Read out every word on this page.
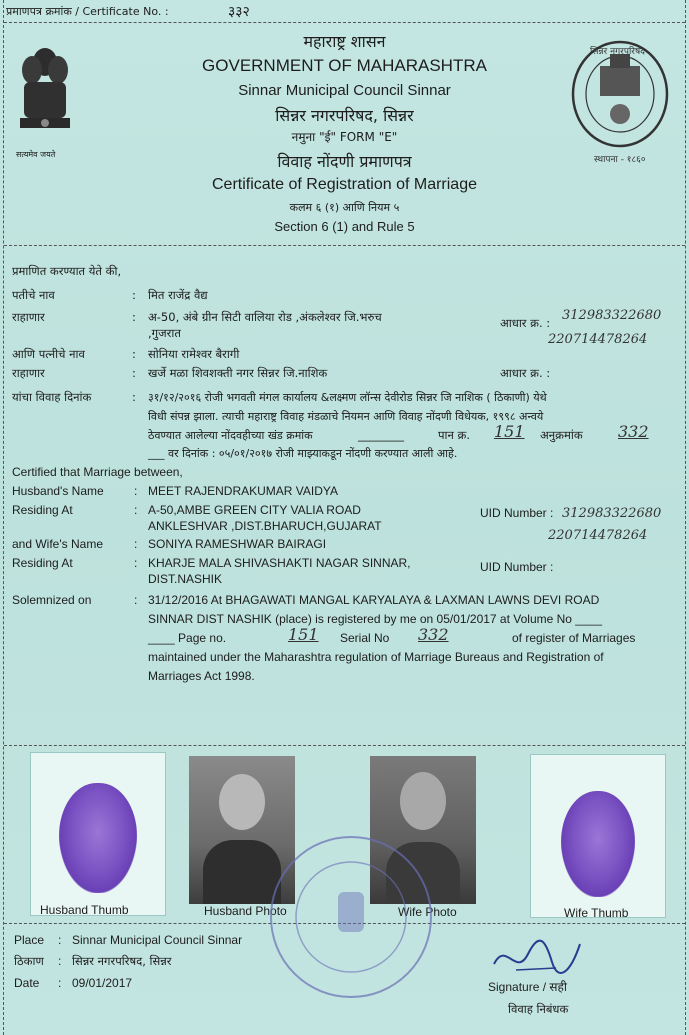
प्रमाणपत्र क्रमांक / Certificate No. :	३३२
सत्यमेव जयते
सिन्नर नगरपरिषद
स्थापना - १८६०
महाराष्ट्र शासन
GOVERNMENT OF MAHARASHTRA
Sinnar Municipal Council Sinnar
सिन्नर नगरपरिषद, सिन्नर
नमुना "ई" FORM "E"
विवाह नोंदणी प्रमाणपत्र
Certificate of Registration of Marriage
कलम ६ (१) आणि नियम ५
Section 6 (1) and Rule 5
प्रमाणित करण्यात येते की,
पतीचे नाव	: मित राजेंद्र वैद्य
राहाणार	: अ-50, अंबे ग्रीन सिटी वालिया रोड ,अंकलेश्वर जि.भरुच
,गुजरात
आधार क्र. : 312983322680
220714478264
आणि पत्नीचे नाव	: सोनिया रामेश्वर बैरागी
राहाणार	: खर्जे मळा शिवशक्ती नगर सिन्नर जि.नाशिक	आधार क्र. :
यांचा विवाह दिनांक	: ३१/१२/२०१६ रोजी भगवती मंगल कार्यालय &लक्ष्मण लॉन्स देवीरोड सिन्नर जि नाशिक ( ठिकाणी) येथे
विधी संपन्न झाला. त्याची महाराष्ट्र विवाह मंडळाचे नियमन आणि विवाह नोंदणी विधेयक, १९९८ अन्वये
ठेवण्यात आलेल्या नोंदवहीच्या खंड क्रमांक	________	पान क्र. 151 अनुक्रमांक 332
___ वर दिनांक : ०५/०१/२०१७ रोजी माझ्याकडून नोंदणी करण्यात आली आहे.
Certified that Marriage between,
Husband's Name	: MEET RAJENDRAKUMAR VAIDYA
Residing At	: A-50,AMBE GREEN CITY VALIA ROAD
ANKLESHVAR ,DIST.BHARUCH,GUJARAT
UID Number : 312983322680
220714478264
and Wife's Name	: SONIYA RAMESHWAR BAIRAGI
Residing At	: KHARJE MALA SHIVASHAKTI NAGAR SINNAR,
DIST.NASHIK
UID Number :
Solemnized on	: 31/12/2016 At BHAGAWATI MANGAL KARYALAYA & LAXMAN LAWNS DEVI ROAD
SINNAR DIST NASHIK (place) is registered by me on 05/01/2017 at Volume No ____
____ Page no.	151 Serial No 332	of register of Marriages
maintained under the Maharashtra regulation of Marriage Bureaus and Registration of
Marriages Act 1998.
Husband Thumb	Husband Photo	Wife Photo	Wife Thumb
Place : Sinnar Municipal Council Sinnar
ठिकाण : सिन्नर नगरपरिषद, सिन्नर
Date : 09/01/2017	Signature / सही
विवाह निबंधक
